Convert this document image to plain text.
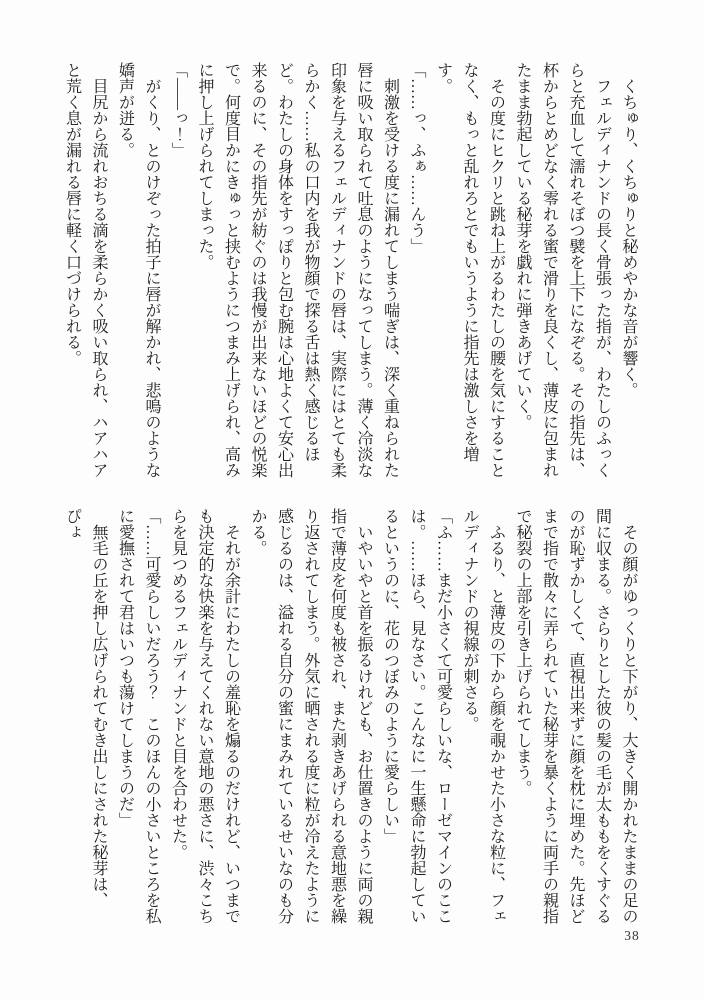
　くちゅり、くちゅりと秘めやかな音が響く。

　フェルディナンドの長く骨張った指が、わたしのふっくらと充血して濡れそぼつ襞を上下になぞる。その指先は、杯からとめどなく零れる蜜で滑りを良くし、薄皮に包まれたまま勃起している秘芽を戯れに弾きあげていく。

　その度にヒクリと跳ね上がるわたしの腰を気にすることなく、もっと乱れろとでもいうように指先は激しさを増す。

「……っ、ふぁ……んう」

　刺激を受ける度に漏れてしまう喘ぎは、深く重ねられた唇に吸い取られて吐息のようになってしまう。薄く冷淡な印象を与えるフェルディナンドの唇は、実際にはとても柔らかく……私の口内を我が物顔で探る舌は熱く感じるほど。わたしの身体をすっぽりと包む腕は心地よくて安心出来るのに、その指先が紡ぐのは我慢が出来ないほどの悦楽で。何度目かにきゅっと挟むようにつまみ上げられ、高みに押し上げられてしまった。

「――っ！」

　がくり、とのけぞった拍子に唇が解かれ、悲鳴のような嬌声が迸る。

　目尻から流れおちる滴を柔らかく吸い取られ、ハアハアと荒く息が漏れる唇に軽く口づけられる。

　その顔がゆっくりと下がり、大きく開かれたままの足の間に収まる。さらりとした彼の髪の毛が太ももをくすぐるのが恥ずかしくて、直視出来ずに顔を枕に埋めた。先ほどまで指で散々に弄られていた秘芽を暴くように両手の親指で秘裂の上部を引き上げられてしまう。

　ふるり、と薄皮の下から顔を覗かせた小さな粒に、フェルディナンドの視線が刺さる。

「ふ……まだ小さくて可愛らしいな、ローゼマインのここは。……ほら、見なさい。こんなに一生懸命に勃起しているというのに、花のつぼみのように愛らしい」

　いやいやと首を振るけれども、お仕置きのように両の親指で薄皮を何度も被され、また剥きあげられる意地悪を繰り返されてしまう。外気に晒される度に粒が冷えたように感じるのは、溢れる自分の蜜にまみれているせいなのも分かる。

　それが余計にわたしの羞恥を煽るのだけれど、いつまでも決定的な快楽を与えてくれない意地の悪さに、渋々こちらを見つめるフェルディナンドと目を合わせた。

「……可愛らしいだろう？　このほんの小さいところを私に愛撫されて君はいつも蕩けてしまうのだ」

　無毛の丘を押し広げられてむき出しにされた秘芽は、ぴょ

38
